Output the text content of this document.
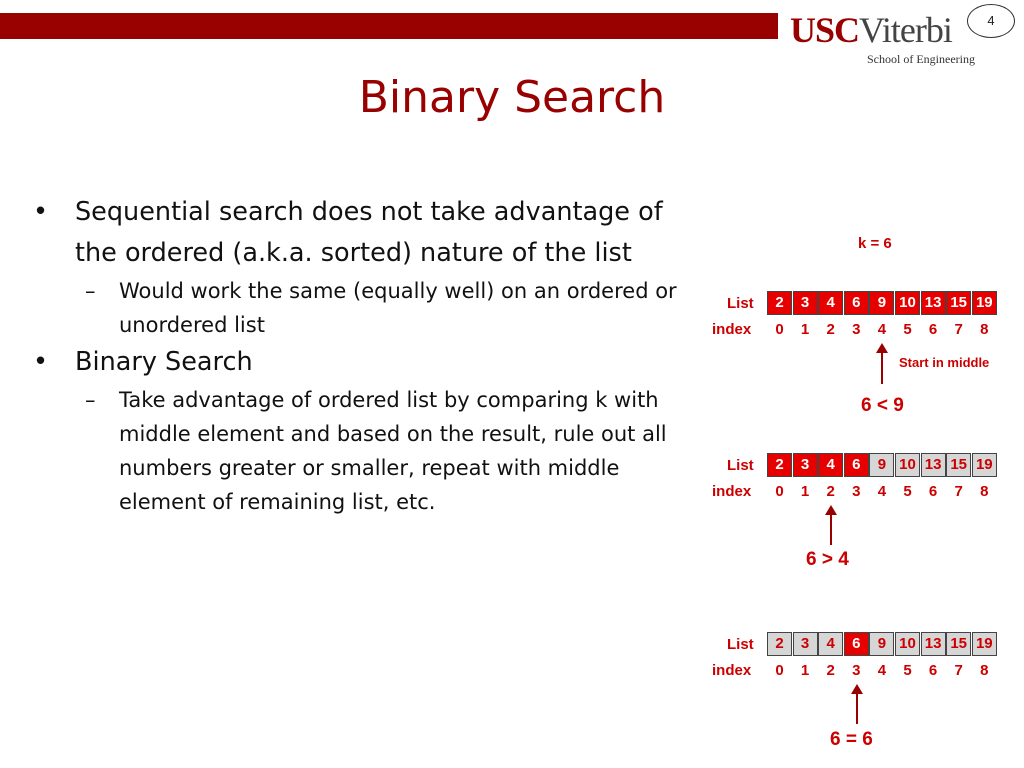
4
USCViterbi
School of Engineering
Binary Search
• Sequential search does not take advantage of the ordered (a.k.a. sorted) nature of the list
– Would work the same (equally well) on an ordered or unordered list
• Binary Search
– Take advantage of ordered list by comparing k with middle element and based on the result, rule out all numbers greater or smaller, repeat with middle element of remaining list, etc.
k = 6
List
index
2	3	4	6	9 10 13 15 19
0	1	2	3	4	5	6	7	8
Start in middle
6 < 9
List
index
2	3	4	6	9 10 13 15 19
0	1	2	3	4	5	6	7	8
6 > 4
List
index
2	3	4	6	9 10 13 15 19
0	1	2	3	4	5	6	7	8
6 = 6
